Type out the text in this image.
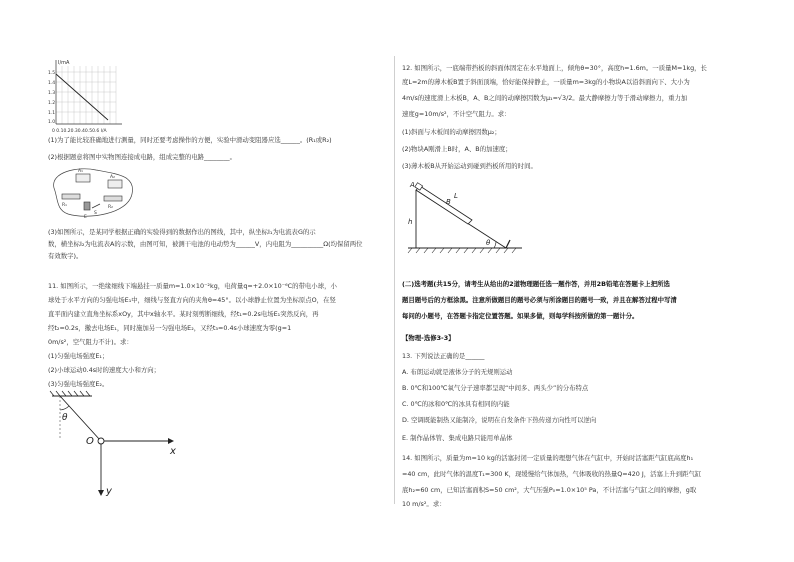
I/mA
1.5
1.4
1.3
1.2
1.1
1.0
0 0.10.20.30.40.50.6 I/A
(1)为了能比较准确地进行测量，同时还要考虑操作的方便，实验中滑动变阻器应选______。(R₁或R₂)
(2)根据题意将图中实物图连接成电路，组成完整的电路________。
A₁
A₂
R₁	R₂
S
E
(3)如图所示，是某同学根据正确的实验得到的数据作出的图线，其中，纵坐标I₁为电流表G的示
数，横坐标I₂为电流表A的示数，由图可知，被测干电池的电动势为______V，内电阻为__________Ω(均保留两位
有效数字)。
11. 如图所示，一绝缘细线下端悬挂一质量m=1.0×10⁻²kg，电荷量q=+2.0×10⁻⁶C的带电小球，小
球处于水平方向的匀强电场E₁中，细线与竖直方向的夹角θ=45°。以小球静止位置为坐标原点O，在竖
直平面内建立直角坐标系xOy，其中x轴水平。某时刻剪断细线，经t₁=0.2s电场E₁突然反向，再
经t₂=0.2s，撤去电场E₁，同时施加另一匀强电场E₂，又经t₃=0.4s小球速度为零(g=1
0m/s²，空气阻力不计)。求：
(1)匀强电场强度E₁；
(2)小球运动0.4s时的速度大小和方向；
(3)匀强电场强度E₂。
θ
O
x
y
12. 如图所示，一底端带挡板的斜面体固定在水平地面上，倾角θ=30°，高度h=1.6m。一质量M=1kg，长
度L=2m的薄木板B置于斜面顶端，恰好能保持静止，一质量m=3kg的小物块A以沿斜面向下、大小为
4m/s的速度滑上木板B，A、B之间的动摩擦因数为μ₁=√3/2。最大静摩擦力等于滑动摩擦力，重力加
速度g=10m/s²，不计空气阻力。求：
(1)斜面与木板间的动摩擦因数μ₂；
(2)物块A刚滑上B时，A、B的加速度；
(3)薄木板B从开始运动到碰到挡板所用的时间。
A
B
L
h
θ
(二)选考题(共15分，请考生从给出的2道物理题任选一题作答，并用2B铅笔在答题卡上把所选
题目题号后的方框涂黑。注意所做题目的题号必须与所涂题目的题号一致，并且在解答过程中写清
每问的小题号，在答题卡指定位置答题。如果多做，则每学科按所做的第一题计分。
【物理-选修3-3】
13. 下列说法正确的是______
A. 布朗运动就是液体分子的无规则运动
B. 0℃和100℃氧气分子速率都呈现“中间多、两头少”的分布特点
C. 0℃的冰和0℃的冰具有相同的内能
D. 空调既能制热又能制冷，说明在自发条件下热传递方向性可以逆向
E. 制作晶体管、集成电路只能用单晶体
14. 如图所示，质量为m=10 kg的活塞封闭一定质量的理想气体在气缸中，开始时活塞距气缸底高度h₁
=40 cm，此时气体的温度T₁=300 K，现缓慢给气体加热，气体吸收的热量Q=420 J，活塞上升到距气缸
底h₂=60 cm，已知活塞面积S=50 cm²，大气压强P₀=1.0×10⁵ Pa，不计活塞与气缸之间的摩擦，g取
10 m/s²。求：
